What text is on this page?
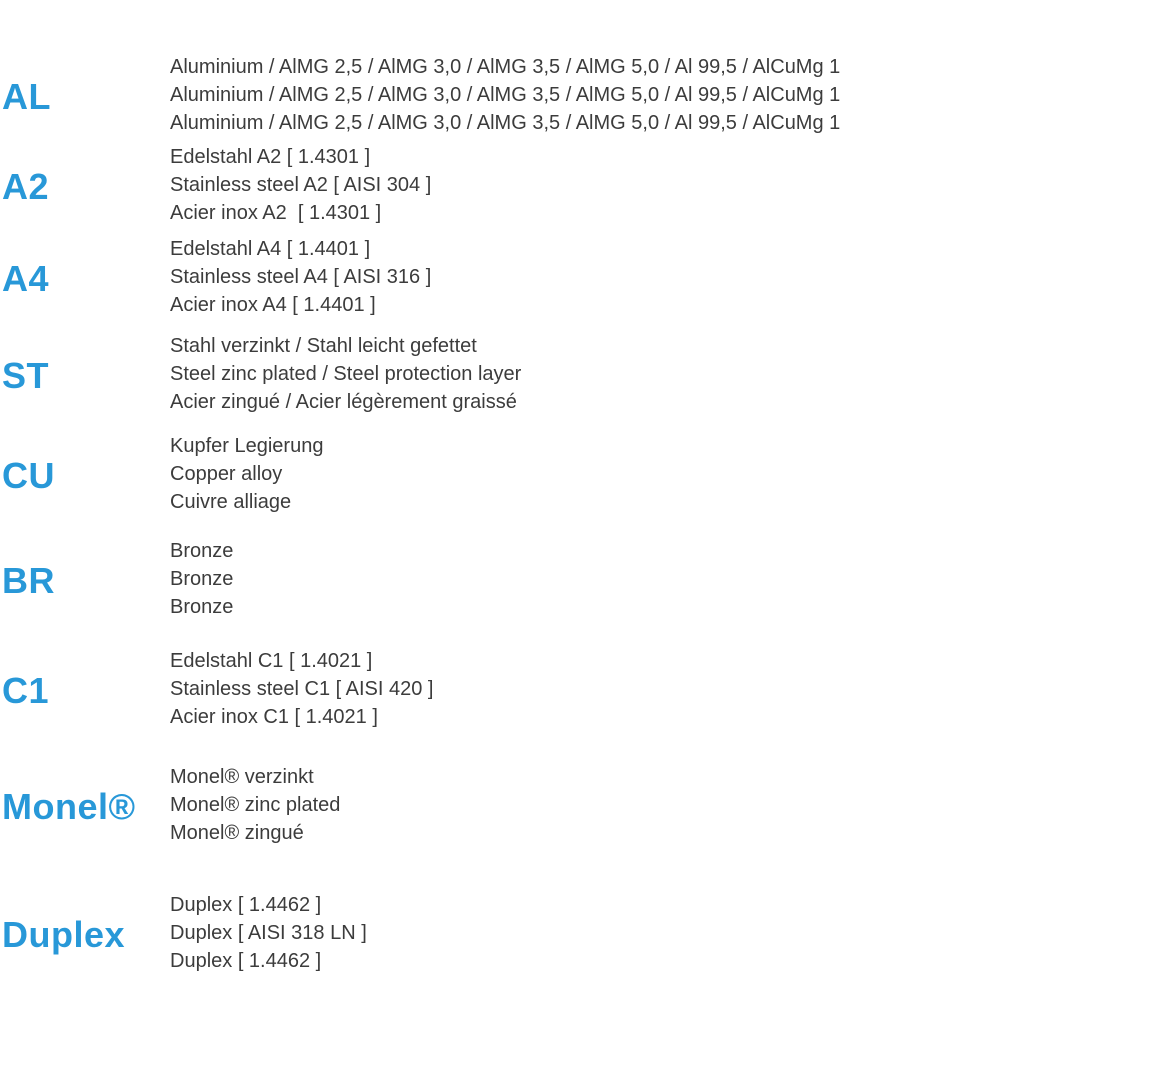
AL
Aluminium / AlMG 2,5 / AlMG 3,0 / AlMG 3,5 / AlMG 5,0 / Al 99,5 / AlCuMg 1
Aluminium / AlMG 2,5 / AlMG 3,0 / AlMG 3,5 / AlMG 5,0 / Al 99,5 / AlCuMg 1
Aluminium / AlMG 2,5 / AlMG 3,0 / AlMG 3,5 / AlMG 5,0 / Al 99,5 / AlCuMg 1
A2
Edelstahl A2 [ 1.4301 ]
Stainless steel A2 [ AISI 304 ]
Acier inox A2  [ 1.4301 ]
A4
Edelstahl A4 [ 1.4401 ]
Stainless steel A4 [ AISI 316 ]
Acier inox A4 [ 1.4401 ]
ST
Stahl verzinkt / Stahl leicht gefettet
Steel zinc plated / Steel protection layer
Acier zingué / Acier légèrement graissé
CU
Kupfer Legierung
Copper alloy
Cuivre alliage
BR
Bronze
Bronze
Bronze
C1
Edelstahl C1 [ 1.4021 ]
Stainless steel C1 [ AISI 420 ]
Acier inox C1 [ 1.4021 ]
Monel®
Monel® verzinkt
Monel® zinc plated
Monel® zingué
Duplex
Duplex [ 1.4462 ]
Duplex [ AISI 318 LN ]
Duplex [ 1.4462 ]
